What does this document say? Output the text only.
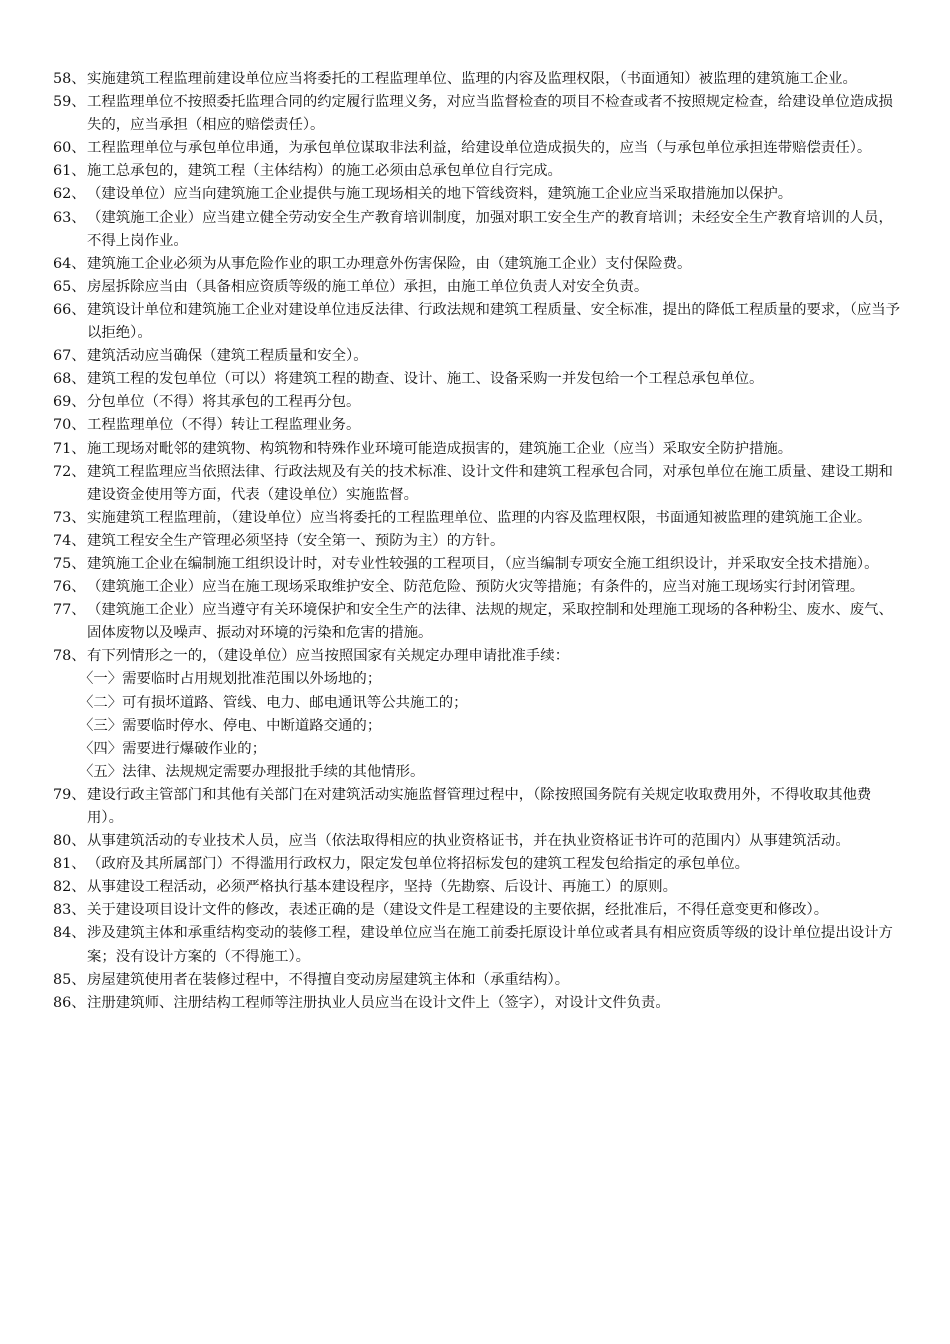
58、 实施建筑工程监理前建设单位应当将委托的工程监理单位、监理的内容及监理权限，（书面通知）被监理的建筑施工企业。
59、 工程监理单位不按照委托监理合同的约定履行监理义务，对应当监督检查的项目不检查或者不按照规定检查，给建设单位造成损失的，应当承担（相应的赔偿责任）。
60、 工程监理单位与承包单位串通，为承包单位谋取非法利益，给建设单位造成损失的，应当（与承包单位承担连带赔偿责任）。
61、 施工总承包的，建筑工程（主体结构）的施工必须由总承包单位自行完成。
62、 （建设单位）应当向建筑施工企业提供与施工现场相关的地下管线资料，建筑施工企业应当采取措施加以保护。
63、 （建筑施工企业）应当建立健全劳动安全生产教育培训制度，加强对职工安全生产的教育培训；未经安全生产教育培训的人员，不得上岗作业。
64、 建筑施工企业必须为从事危险作业的职工办理意外伤害保险，由（建筑施工企业）支付保险费。
65、 房屋拆除应当由（具备相应资质等级的施工单位）承担，由施工单位负责人对安全负责。
66、 建筑设计单位和建筑施工企业对建设单位违反法律、行政法规和建筑工程质量、安全标准，提出的降低工程质量的要求，（应当予以拒绝）。
67、 建筑活动应当确保（建筑工程质量和安全）。
68、 建筑工程的发包单位（可以）将建筑工程的勘查、设计、施工、设备采购一并发包给一个工程总承包单位。
69、 分包单位（不得）将其承包的工程再分包。
70、 工程监理单位（不得）转让工程监理业务。
71、 施工现场对毗邻的建筑物、构筑物和特殊作业环境可能造成损害的，建筑施工企业（应当）采取安全防护措施。
72、 建筑工程监理应当依照法律、行政法规及有关的技术标准、设计文件和建筑工程承包合同，对承包单位在施工质量、建设工期和建设资金使用等方面，代表（建设单位）实施监督。
73、 实施建筑工程监理前，（建设单位）应当将委托的工程监理单位、监理的内容及监理权限，书面通知被监理的建筑施工企业。
74、 建筑工程安全生产管理必须坚持（安全第一、预防为主）的方针。
75、 建筑施工企业在编制施工组织设计时，对专业性较强的工程项目，（应当编制专项安全施工组织设计，并采取安全技术措施）。
76、 （建筑施工企业）应当在施工现场采取维护安全、防范危险、预防火灾等措施；有条件的，应当对施工现场实行封闭管理。
77、 （建筑施工企业）应当遵守有关环境保护和安全生产的法律、法规的规定，采取控制和处理施工现场的各种粉尘、废水、废气、固体废物以及噪声、振动对环境的污染和危害的措施。
78、 有下列情形之一的，（建设单位）应当按照国家有关规定办理申请批准手续：
〈一〉需要临时占用规划批准范围以外场地的；
〈二〉可有损坏道路、管线、电力、邮电通讯等公共施工的；
〈三〉需要临时停水、停电、中断道路交通的；
〈四〉需要进行爆破作业的；
〈五〉法律、法规规定需要办理报批手续的其他情形。
79、 建设行政主管部门和其他有关部门在对建筑活动实施监督管理过程中，（除按照国务院有关规定收取费用外，不得收取其他费用）。
80、 从事建筑活动的专业技术人员，应当（依法取得相应的执业资格证书，并在执业资格证书许可的范围内）从事建筑活动。
81、 （政府及其所属部门）不得滥用行政权力，限定发包单位将招标发包的建筑工程发包给指定的承包单位。
82、 从事建设工程活动，必须严格执行基本建设程序，坚持（先勘察、后设计、再施工）的原则。
83、 关于建设项目设计文件的修改，表述正确的是（建设文件是工程建设的主要依据，经批准后，不得任意变更和修改）。
84、 涉及建筑主体和承重结构变动的装修工程，建设单位应当在施工前委托原设计单位或者具有相应资质等级的设计单位提出设计方案；没有设计方案的（不得施工）。
85、 房屋建筑使用者在装修过程中，不得擅自变动房屋建筑主体和（承重结构）。
86、 注册建筑师、注册结构工程师等注册执业人员应当在设计文件上（签字），对设计文件负责。
